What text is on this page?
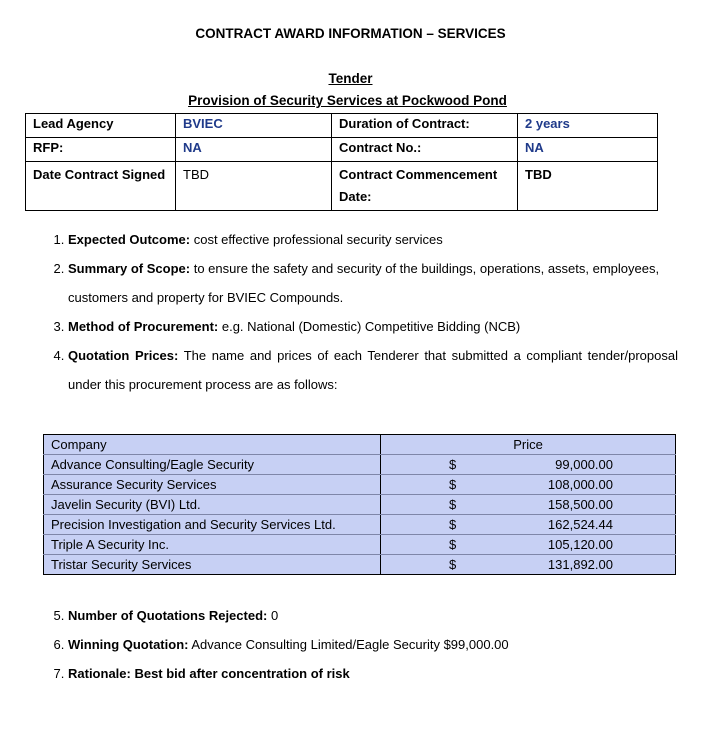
CONTRACT AWARD INFORMATION – SERVICES
Tender
Provision of Security Services at Pockwood Pond
Lead Agency	BVIEC	Duration of Contract:	2 years
RFP:	NA	Contract No.:	NA
Date Contract Signed	TBD	Contract Commencement Date:	TBD
1. Expected Outcome: cost effective professional security services
2. Summary of Scope: to ensure the safety and security of the buildings, operations, assets, employees, customers and property for BVIEC Compounds.
3. Method of Procurement: e.g. National (Domestic) Competitive Bidding (NCB)
4. Quotation Prices: The name and prices of each Tenderer that submitted a compliant tender/proposal under this procurement process are as follows:
Company	Price	
Advance Consulting/Eagle Security	$	99,000.00
Assurance Security Services	$	108,000.00
Javelin Security (BVI) Ltd.	$	158,500.00
Precision Investigation and Security Services Ltd.	$	162,524.44
Triple A Security Inc.	$	105,120.00
Tristar Security Services	$	131,892.00
5. Number of Quotations Rejected: 0
6. Winning Quotation: Advance Consulting Limited/Eagle Security $99,000.00
7. Rationale: Best bid after concentration of risk
